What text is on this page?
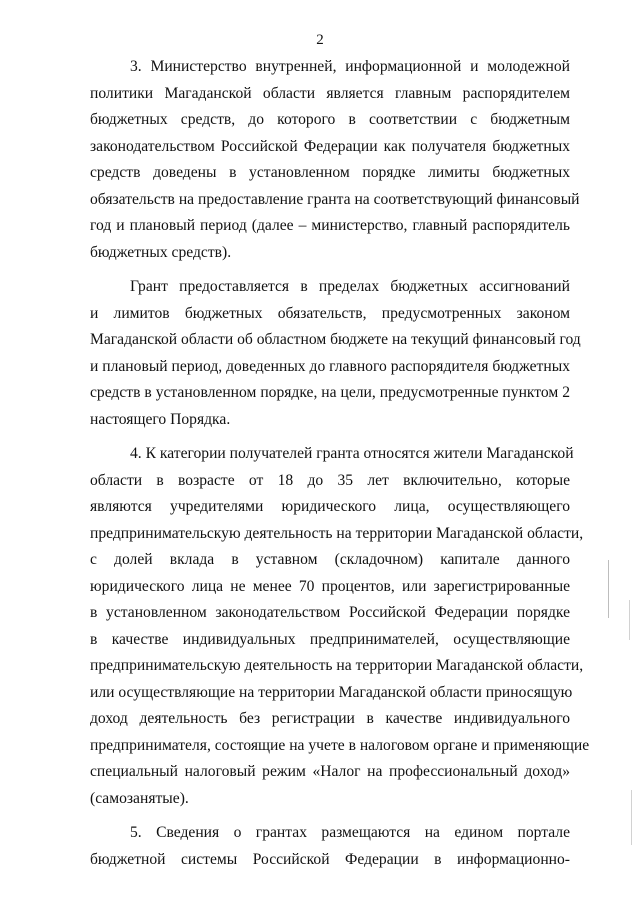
2
3. Министерство внутренней, информационной и молодежной
политики Магаданской области является главным распорядителем
бюджетных средств, до которого в соответствии с бюджетным
законодательством Российской Федерации как получателя бюджетных
средств доведены в установленном порядке лимиты бюджетных
обязательств на предоставление гранта на соответствующий финансовый
год и плановый период (далее – министерство, главный распорядитель
бюджетных средств).
Грант предоставляется в пределах бюджетных ассигнований
и лимитов бюджетных обязательств, предусмотренных законом
Магаданской области об областном бюджете на текущий финансовый год
и плановый период, доведенных до главного распорядителя бюджетных
средств в установленном порядке, на цели, предусмотренные пунктом 2
настоящего Порядка.
4. К категории получателей гранта относятся жители Магаданской
области в возрасте от 18 до 35 лет включительно, которые
являются учредителями юридического лица, осуществляющего
предпринимательскую деятельность на территории Магаданской области,
с долей вклада в уставном (складочном) капитале данного
юридического лица не менее 70 процентов, или зарегистрированные
в установленном законодательством Российской Федерации порядке
в качестве индивидуальных предпринимателей, осуществляющие
предпринимательскую деятельность на территории Магаданской области,
или осуществляющие на территории Магаданской области приносящую
доход деятельность без регистрации в качестве индивидуального
предпринимателя, состоящие на учете в налоговом органе и применяющие
специальный налоговый режим «Налог на профессиональный доход»
(самозанятые).
5. Сведения о грантах размещаются на едином портале
бюджетной системы Российской Федерации в информационно-
